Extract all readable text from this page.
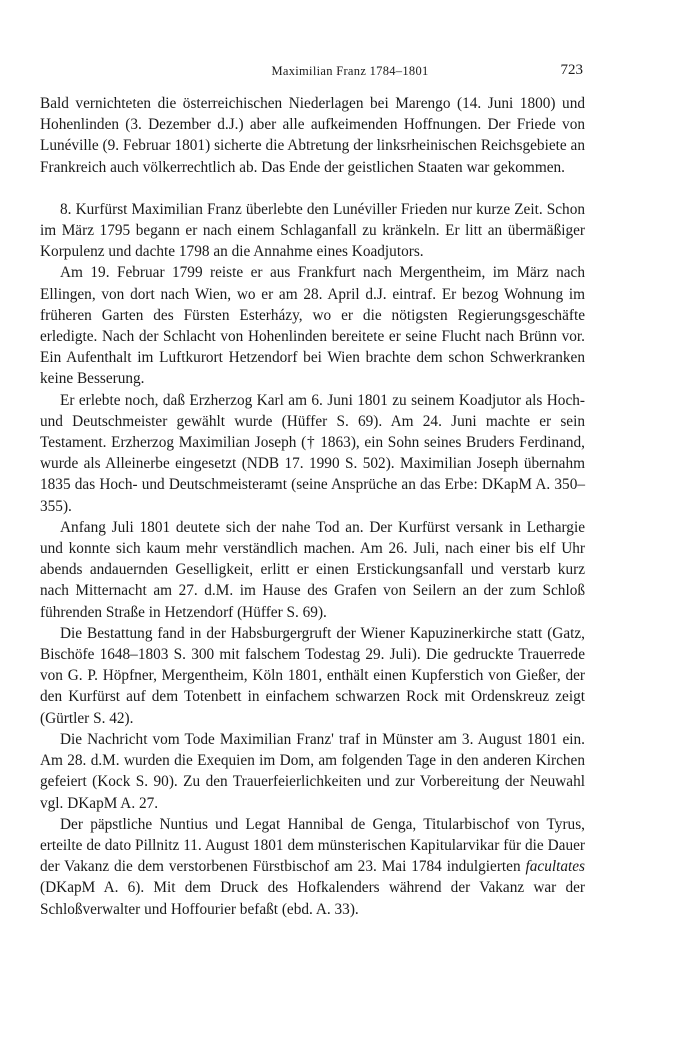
Maximilian Franz 1784–1801	723

Bald vernichteten die österreichischen Niederlagen bei Marengo (14. Juni 1800) und Hohenlinden (3. Dezember d.J.) aber alle aufkeimenden Hoffnungen. Der Friede von Lunéville (9. Februar 1801) sicherte die Abtretung der linksrheinischen Reichsgebiete an Frankreich auch völkerrechtlich ab. Das Ende der geistlichen Staaten war gekommen.

8. Kurfürst Maximilian Franz überlebte den Lunéviller Frieden nur kurze Zeit. Schon im März 1795 begann er nach einem Schlaganfall zu kränkeln. Er litt an übermäßiger Korpulenz und dachte 1798 an die Annahme eines Koadjutors.

Am 19. Februar 1799 reiste er aus Frankfurt nach Mergentheim, im März nach Ellingen, von dort nach Wien, wo er am 28. April d.J. eintraf. Er bezog Wohnung im früheren Garten des Fürsten Esterházy, wo er die nötigsten Regierungsgeschäfte erledigte. Nach der Schlacht von Hohenlinden bereitete er seine Flucht nach Brünn vor. Ein Aufenthalt im Luftkurort Hetzendorf bei Wien brachte dem schon Schwerkranken keine Besserung.

Er erlebte noch, daß Erzherzog Karl am 6. Juni 1801 zu seinem Koadjutor als Hoch- und Deutschmeister gewählt wurde (Hüffer S. 69). Am 24. Juni machte er sein Testament. Erzherzog Maximilian Joseph († 1863), ein Sohn seines Bruders Ferdinand, wurde als Alleinerbe eingesetzt (NDB 17. 1990 S. 502). Maximilian Joseph übernahm 1835 das Hoch- und Deutschmeisteramt (seine Ansprüche an das Erbe: DKapM A. 350–355).

Anfang Juli 1801 deutete sich der nahe Tod an. Der Kurfürst versank in Lethargie und konnte sich kaum mehr verständlich machen. Am 26. Juli, nach einer bis elf Uhr abends andauernden Geselligkeit, erlitt er einen Erstickungsanfall und verstarb kurz nach Mitternacht am 27. d.M. im Hause des Grafen von Seilern an der zum Schloß führenden Straße in Hetzendorf (Hüffer S. 69).

Die Bestattung fand in der Habsburgergruft der Wiener Kapuzinerkirche statt (Gatz, Bischöfe 1648–1803 S. 300 mit falschem Todestag 29. Juli). Die gedruckte Trauerrede von G. P. Höpfner, Mergentheim, Köln 1801, enthält einen Kupferstich von Gießer, der den Kurfürst auf dem Totenbett in einfachem schwarzen Rock mit Ordenskreuz zeigt (Gürtler S. 42).

Die Nachricht vom Tode Maximilian Franz' traf in Münster am 3. August 1801 ein. Am 28. d.M. wurden die Exequien im Dom, am folgenden Tage in den anderen Kirchen gefeiert (Kock S. 90). Zu den Trauerfeierlichkeiten und zur Vorbereitung der Neuwahl vgl. DKapM A. 27.

Der päpstliche Nuntius und Legat Hannibal de Genga, Titularbischof von Tyrus, erteilte de dato Pillnitz 11. August 1801 dem münsterischen Kapitularvikar für die Dauer der Vakanz die dem verstorbenen Fürstbischof am 23. Mai 1784 indulgierten facultates (DKapM A. 6). Mit dem Druck des Hofkalenders während der Vakanz war der Schloßverwalter und Hoffourier befaßt (ebd. A. 33).
